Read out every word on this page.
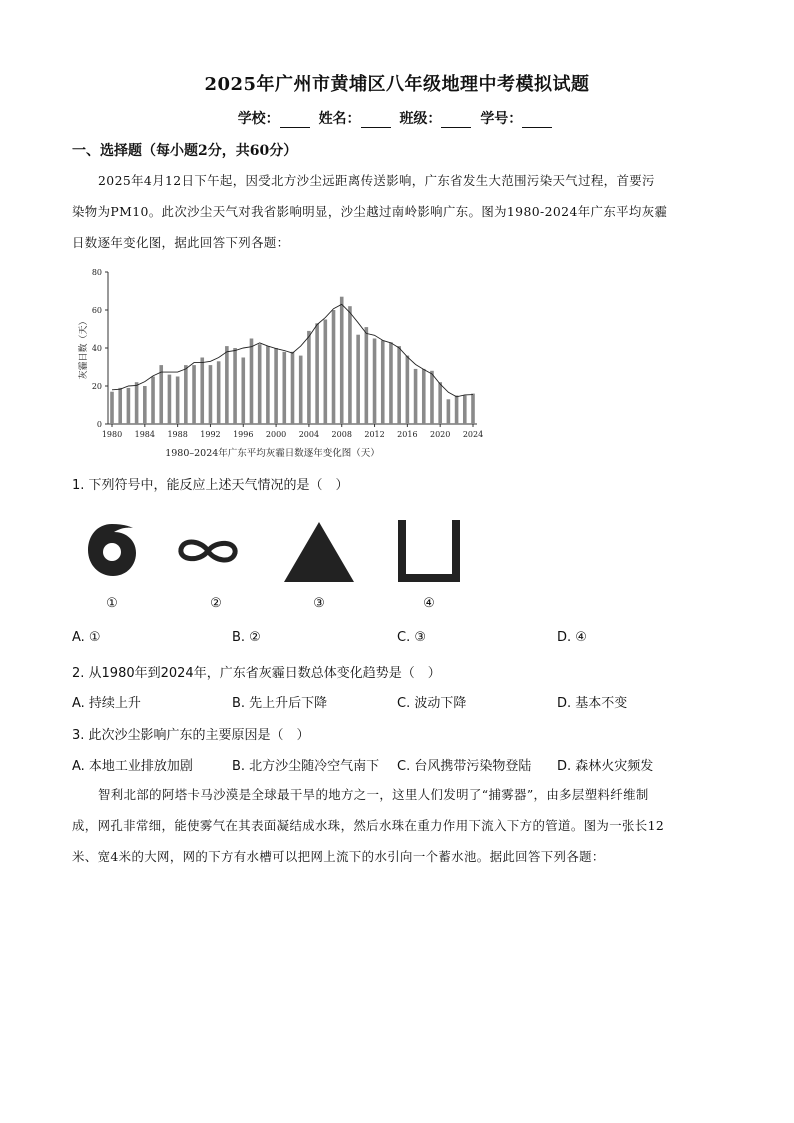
2025年广州市黄埔区八年级地理中考模拟试题
学校：	姓名：	班级：	学号：
一、选择题（每小题2分，共60分）
2025年4月12日下午起，因受北方沙尘远距离传送影响，广东省发生大范围污染天气过程，首要污
染物为PM10。此次沙尘天气对我省影响明显，沙尘越过南岭影响广东。图为1980-2024年广东平均灰霾
日数逐年变化图，据此回答下列各题：
0
20
40
60
80
1980 1984 1988 1992 1996 2000 2004 2008 2012 2016 2020 2024
灰霾日数（天）
1980–2024年广东平均灰霾日数逐年变化图（天）
1. 下列符号中，能反应上述天气情况的是（　）
①	②	③	④
A. ①	B. ②	C. ③	D. ④
2. 从1980年到2024年，广东省灰霾日数总体变化趋势是（　）
A. 持续上升	B. 先上升后下降	C. 波动下降	D. 基本不变
3. 此次沙尘影响广东的主要原因是（　）
A. 本地工业排放加剧	B. 北方沙尘随冷空气南下 C. 台风携带污染物登陆 D. 森林火灾频发
智利北部的阿塔卡马沙漠是全球最干旱的地方之一，这里人们发明了“捕雾器”，由多层塑料纤维制
成，网孔非常细，能使雾气在其表面凝结成水珠，然后水珠在重力作用下流入下方的管道。图为一张长12
米、宽4米的大网，网的下方有水槽可以把网上流下的水引向一个蓄水池。据此回答下列各题：
